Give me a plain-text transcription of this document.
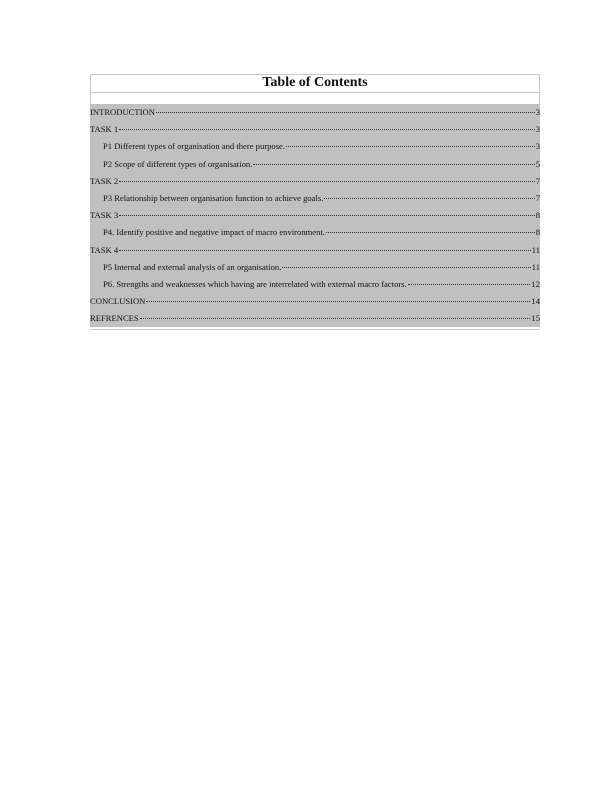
Table of Contents
INTRODUCTION	3
TASK 1	3
P1 Different types of organisation and there purpose.	3
P2 Scope of different types of organisation.	5
TASK 2	7
P3 Relationship between organisation function to achieve goals.	7
TASK 3	8
P4. Identify positive and negative impact of macro environment.	8
TASK 4	11
P5 Internal and external analysis of an organisation.	11
P6. Strengths and weaknesses which having are interrelated with external macro factors.	12
CONCLUSION	14
REFRENCES	15
